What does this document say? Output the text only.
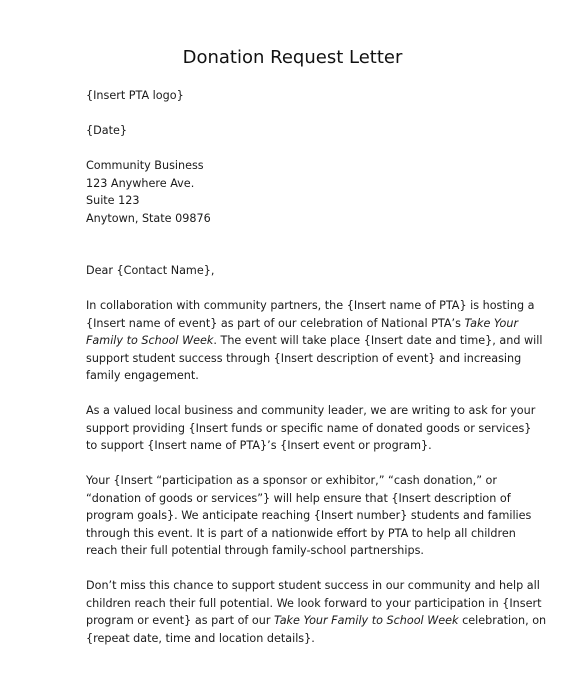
Donation Request Letter
{Insert PTA logo}
{Date}
Community Business
123 Anywhere Ave.
Suite 123
Anytown, State 09876
Dear {Contact Name},
In collaboration with community partners, the {Insert name of PTA} is hosting a
{Insert name of event} as part of our celebration of National PTA’s Take Your
Family to School Week. The event will take place {Insert date and time}, and will
support student success through {Insert description of event} and increasing
family engagement.
As a valued local business and community leader, we are writing to ask for your
support providing {Insert funds or specific name of donated goods or services}
to support {Insert name of PTA}’s {Insert event or program}.
Your {Insert “participation as a sponsor or exhibitor,” “cash donation,” or
“donation of goods or services”} will help ensure that {Insert description of
program goals}. We anticipate reaching {Insert number} students and families
through this event. It is part of a nationwide effort by PTA to help all children
reach their full potential through family-school partnerships.
Don’t miss this chance to support student success in our community and help all
children reach their full potential. We look forward to your participation in {Insert
program or event} as part of our Take Your Family to School Week celebration, on
{repeat date, time and location details}.
